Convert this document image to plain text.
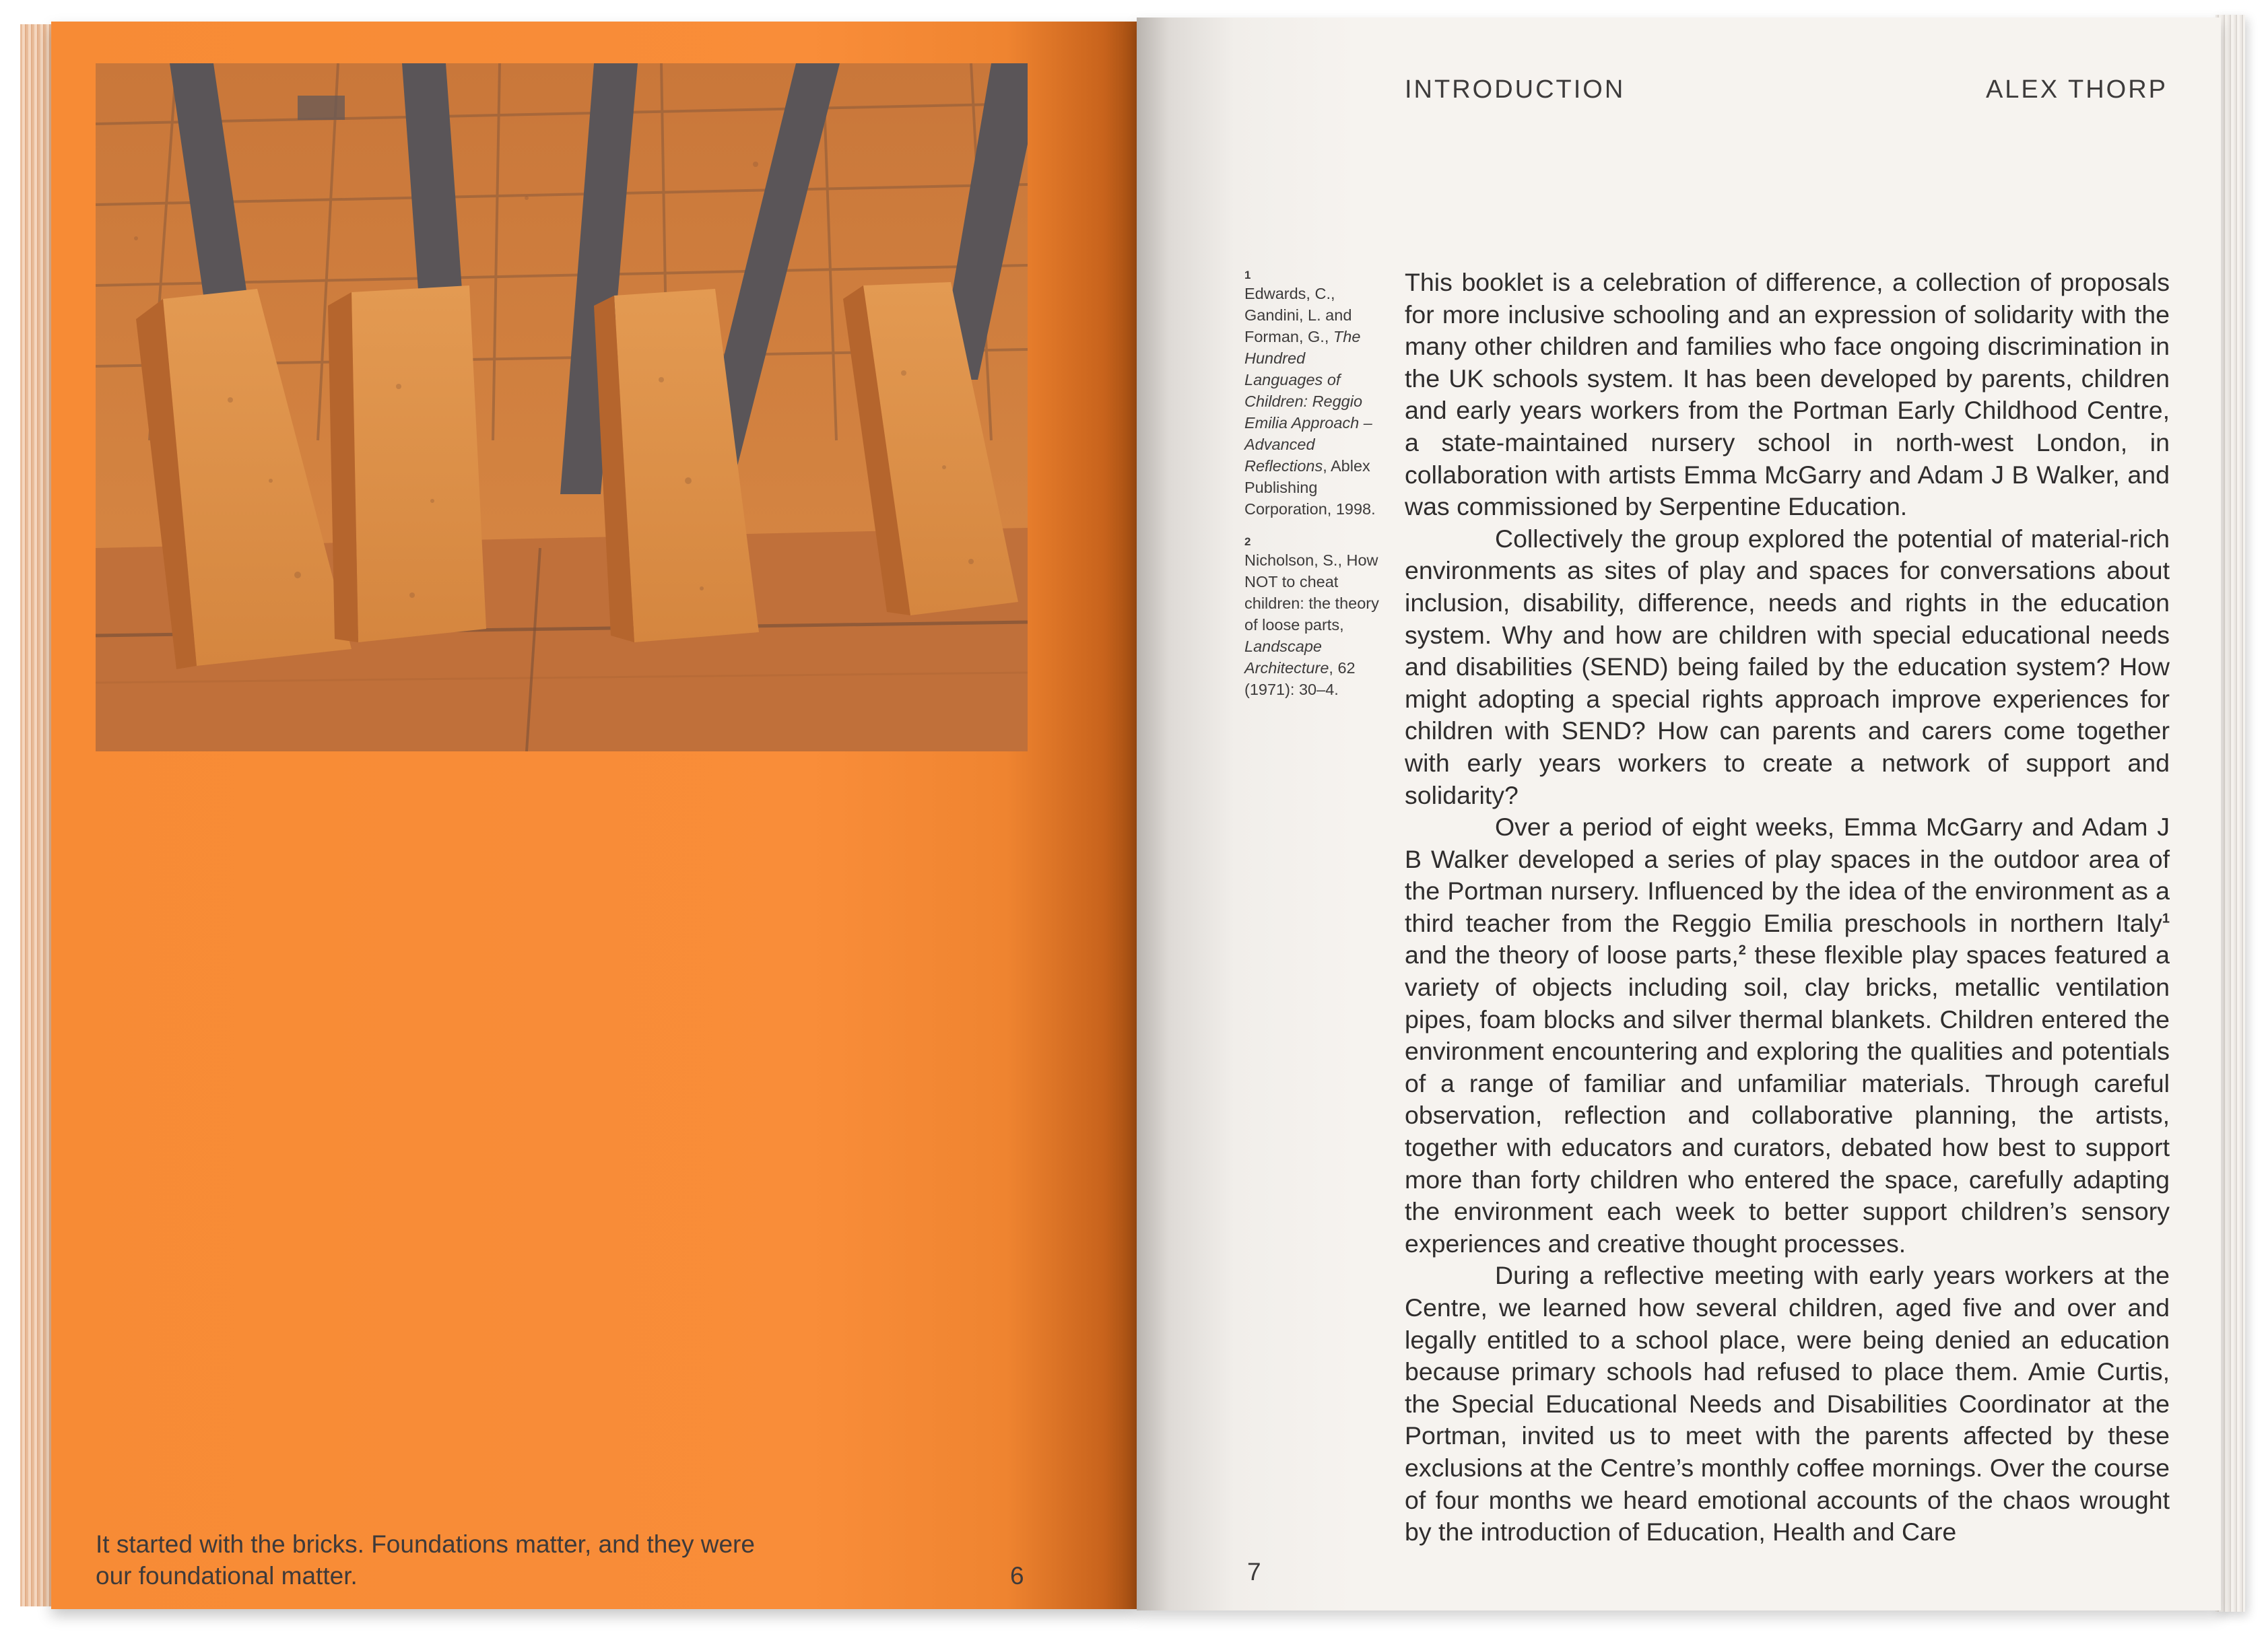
It started with the bricks. Foundations matter, and they were
our foundational matter.	6
INTRODUCTION	ALEX THORP
1

Edwards, C., Gandini, L. and Forman, G., The Hundred Languages of Children: Reggio Emilia Approach – Advanced Reflections, Ablex Publishing Corporation, 1998.

2

Nicholson, S., How NOT to cheat children: the theory of loose parts, Landscape Architecture, 62 (1971): 30–4.

This booklet is a celebration of difference, a collection of proposals for more inclusive schooling and an expression of solidarity with the many other children and families who face ongoing discrimination in the UK schools system. It has been developed by parents, children and early years workers from the Portman Early Childhood Centre, a state-maintained nursery school in north-west London, in collaboration with artists Emma McGarry and Adam J B Walker, and was commissioned by Serpentine Education.

Collectively the group explored the potential of material-rich environments as sites of play and spaces for conversations about inclusion, disability, difference, needs and rights in the education system. Why and how are children with special educational needs and disabilities (SEND) being failed by the education system? How might adopting a special rights approach improve experiences for children with SEND? How can parents and carers come together with early years workers to create a network of support and solidarity?

Over a period of eight weeks, Emma McGarry and Adam J B Walker developed a series of play spaces in the outdoor area of the Portman nursery. Influenced by the idea of the environment as a third teacher from the Reggio Emilia preschools in northern Italy$^1$ and the theory of loose parts,$^2$ these flexible play spaces featured a variety of objects including soil, clay bricks, metallic ventilation pipes, foam blocks and silver thermal blankets. Children entered the environment encountering and exploring the qualities and potentials of a range of familiar and unfamiliar materials. Through careful observation, reflection and collaborative planning, the artists, together with educators and curators, debated how best to support more than forty children who entered the space, carefully adapting the environment each week to better support children’s sensory experiences and creative thought processes.

During a reflective meeting with early years workers at the Centre, we learned how several children, aged five and over and legally entitled to a school place, were being denied an education because primary schools had refused to place them. Amie Curtis, the Special Educational Needs and Disabilities Coordinator at the Portman, invited us to meet with the parents affected by these exclusions at the Centre’s monthly coffee mornings. Over the course of four months we heard emotional accounts of the chaos wrought by the introduction of Education, Health and Care

7
